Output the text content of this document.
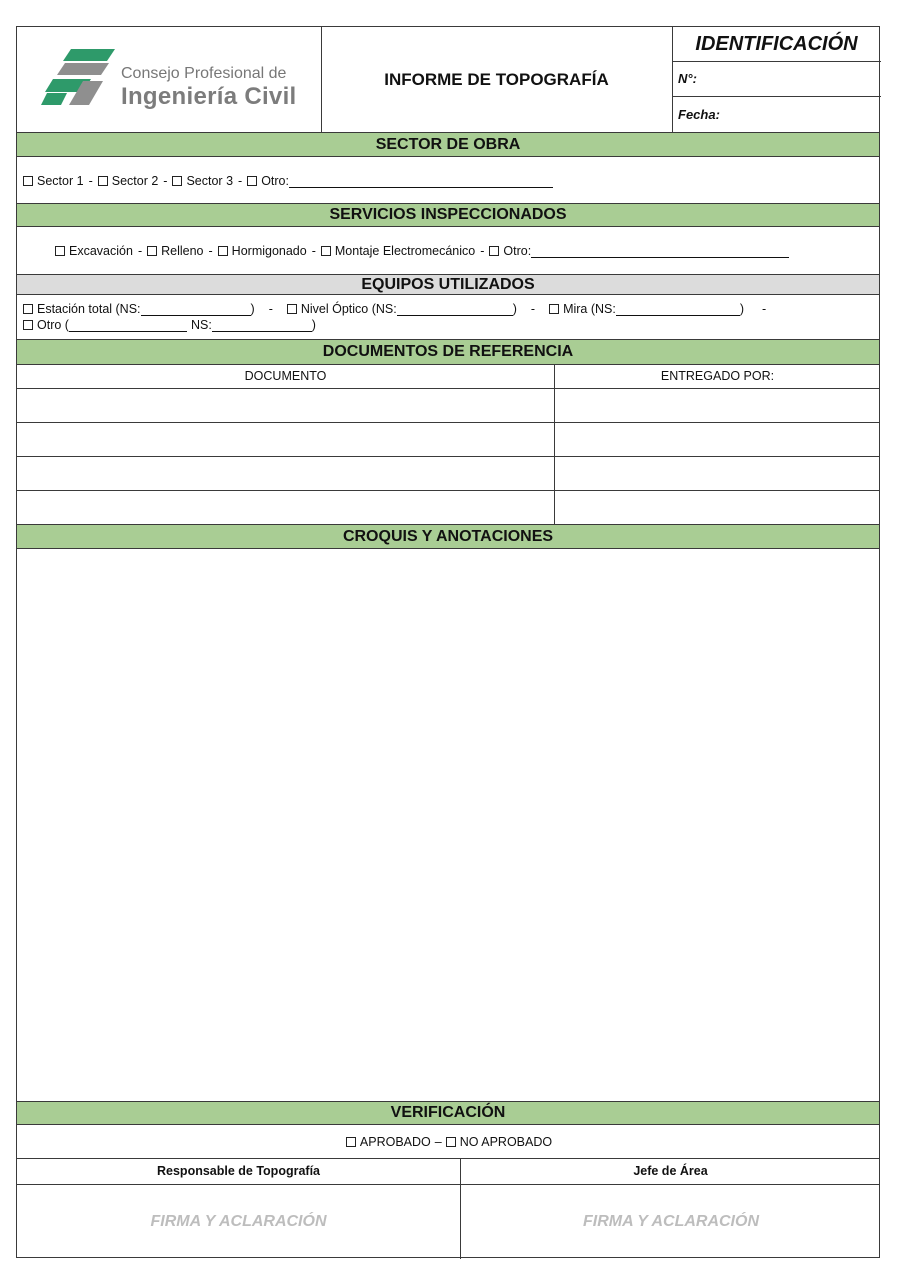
Consejo Profesional de
Ingeniería Civil
INFORME DE TOPOGRAFÍA
IDENTIFICACIÓN
N°:
Fecha:
SECTOR DE OBRA
Sector 1 - Sector 2 - Sector 3 - Otro:
SERVICIOS INSPECCIONADOS
Excavación - Relleno - Hormigonado - Montaje Electromecánico - Otro:
EQUIPOS UTILIZADOS
Estación total (NS:	) - Nivel Óptico (NS:	) - Mira (NS:	) -
Otro (	NS:	)
DOCUMENTOS DE REFERENCIA
DOCUMENTO	ENTREGADO POR:
CROQUIS Y ANOTACIONES
VERIFICACIÓN
APROBADO – NO APROBADO
Responsable de Topografía	Jefe de Área
FIRMA Y ACLARACIÓN	FIRMA Y ACLARACIÓN
